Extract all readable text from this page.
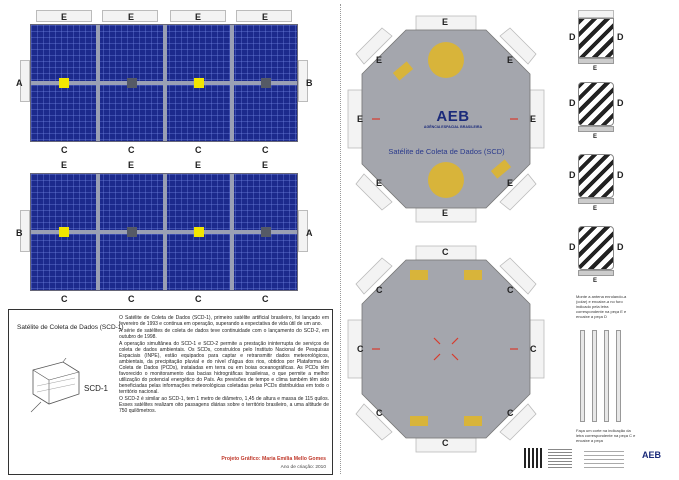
E	E	E	E
A	B
C	C	C	C
E	E	E	E
B	A
C	C	C	C
Satélite de Coleta de Dados (SCD-1)
SCD-1

O Satélite de Coleta de Dados (SCD-1), primeiro satélite artificial brasileiro, foi lançado em fevereiro de 1993 e continua em operação, superando a expectativa de vida útil de um ano.

A série de satélites de coleta de dados teve continuidade com o lançamento do SCD-2, em outubro de 1998.

A operação simultânea do SCD-1 e SCD-2 permite a prestação ininterrupta de serviços de coleta de dados ambientais. Os SCDs, construídos pelo Instituto Nacional de Pesquisas Espaciais (INPE), estão equipados para captar e retransmitir dados meteorológicos, ambientais, da precipitação pluvial e do nível d'água dos rios, obtidos por Plataforma de Coleta de Dados (PCDs), instaladas em terra ou em boias oceanográficas. As PCDs têm favorecido o monitoramento das bacias hidrográficas brasileiras, o que permite a melhor utilização do potencial energético do País. As previsões de tempo e clima também têm sido beneficiadas pelas informações meteorológicas coletadas pelas PCDs distribuídas em todo o território nacional.

O SCD-2 é similar ao SCD-1, tem 1 metro de diâmetro, 1,45 de altura e massa de 115 quilos. Esses satélites realizam oito passagens diárias sobre o território brasileiro, a uma altitude de 750 quilômetros.

Projeto Gráfico: Maria Emília Mello Gomes
Ano de criação: 2010
E
E
E	E
E	E
E	E
AEB
AGÊNCIA ESPACIAL BRASILEIRA
Satélite de Coleta de Dados (SCD)
C
C
C	C
C	C
C	C
D	D
E
D	D
E
D	D
E
D	D
E
Monte a antena enrolando-a (colar) e encaixe-a no furo indicado pela letra correspondente na peça E e encaixe a peça D
Faça um corte na indicação da letra correspondente na peça C e encaixe a peça
AEB
